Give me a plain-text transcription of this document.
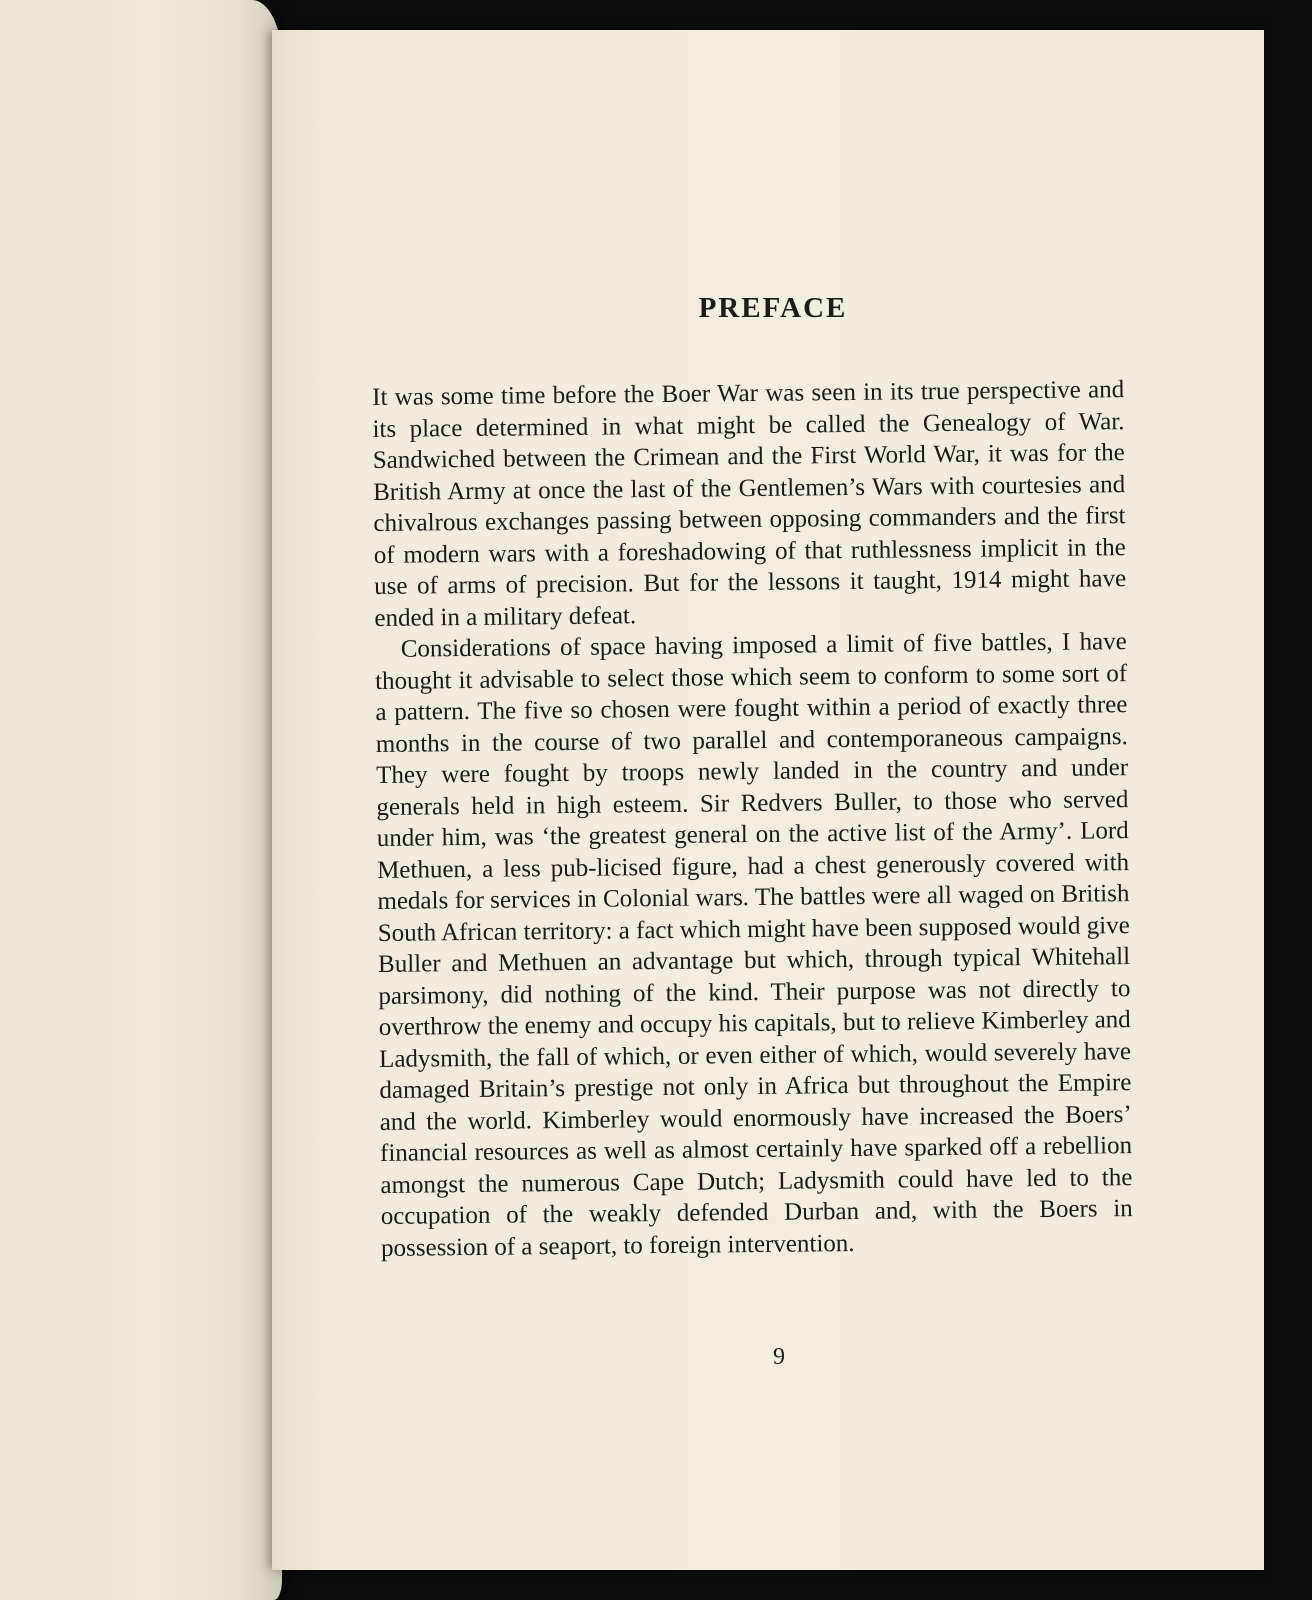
PREFACE

It was some time before the Boer War was seen in its true perspective and its place determined in what might be called the Genealogy of War. Sandwiched between the Crimean and the First World War, it was for the British Army at once the last of the Gentlemen’s Wars with courtesies and chivalrous exchanges passing between opposing commanders and the first of modern wars with a foreshadowing of that ruthlessness implicit in the use of arms of precision. But for the lessons it taught, 1914 might have ended in a military defeat.

Considerations of space having imposed a limit of five battles, I have thought it advisable to select those which seem to conform to some sort of a pattern. The five so chosen were fought within a period of exactly three months in the course of two parallel and contemporaneous campaigns. They were fought by troops newly landed in the country and under generals held in high esteem. Sir Redvers Buller, to those who served under him, was ‘the greatest general on the active list of the Army’. Lord Methuen, a less pub-licised figure, had a chest generously covered with medals for services in Colonial wars. The battles were all waged on British South African territory: a fact which might have been supposed would give Buller and Methuen an advantage but which, through typical Whitehall parsimony, did nothing of the kind. Their purpose was not directly to overthrow the enemy and occupy his capitals, but to relieve Kimberley and Ladysmith, the fall of which, or even either of which, would severely have damaged Britain’s prestige not only in Africa but throughout the Empire and the world. Kimberley would enormously have increased the Boers’ financial resources as well as almost certainly have sparked off a rebellion amongst the numerous Cape Dutch; Ladysmith could have led to the occupation of the weakly defended Durban and, with the Boers in possession of a seaport, to foreign intervention.

9
